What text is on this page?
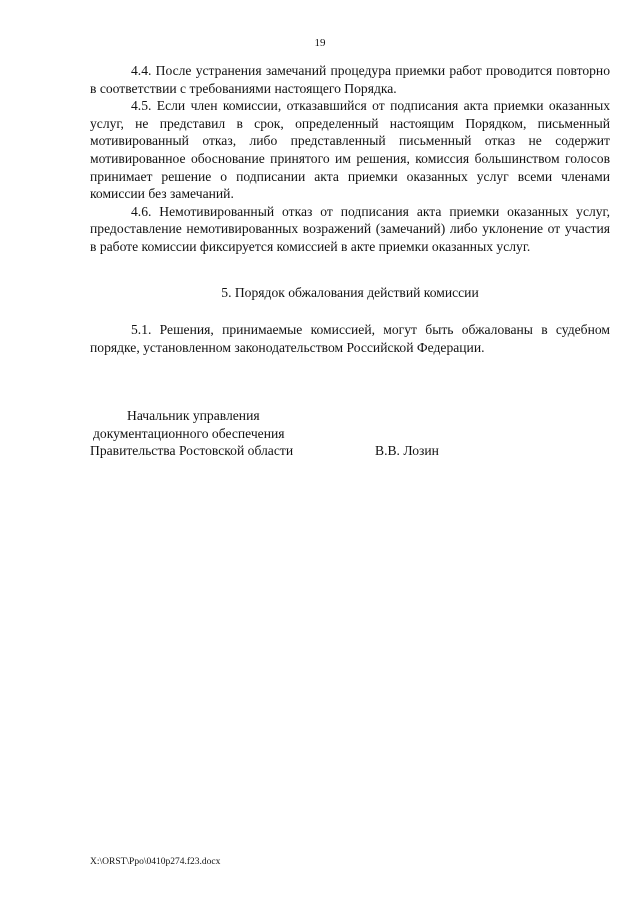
19

4.4. После устранения замечаний процедура приемки работ проводится повторно в соответствии с требованиями настоящего Порядка.

4.5. Если член комиссии, отказавшийся от подписания акта приемки оказанных услуг, не представил в срок, определенный настоящим Порядком, письменный мотивированный отказ, либо представленный письменный отказ не содержит мотивированное обоснование принятого им решения, комиссия большинством голосов принимает решение о подписании акта приемки оказанных услуг всеми членами комиссии без замечаний.

4.6. Немотивированный отказ от подписания акта приемки оказанных услуг, предоставление немотивированных возражений (замечаний) либо уклонение от участия в работе комиссии фиксируется комиссией в акте приемки оказанных услуг.

5. Порядок обжалования действий комиссии

5.1. Решения, принимаемые комиссией, могут быть обжалованы в судебном порядке, установленном законодательством Российской Федерации.

Начальник управления
документационного обеспечения
Правительства Ростовской области	В.В. Лозин
X:\ORST\Ppo\0410p274.f23.docx
